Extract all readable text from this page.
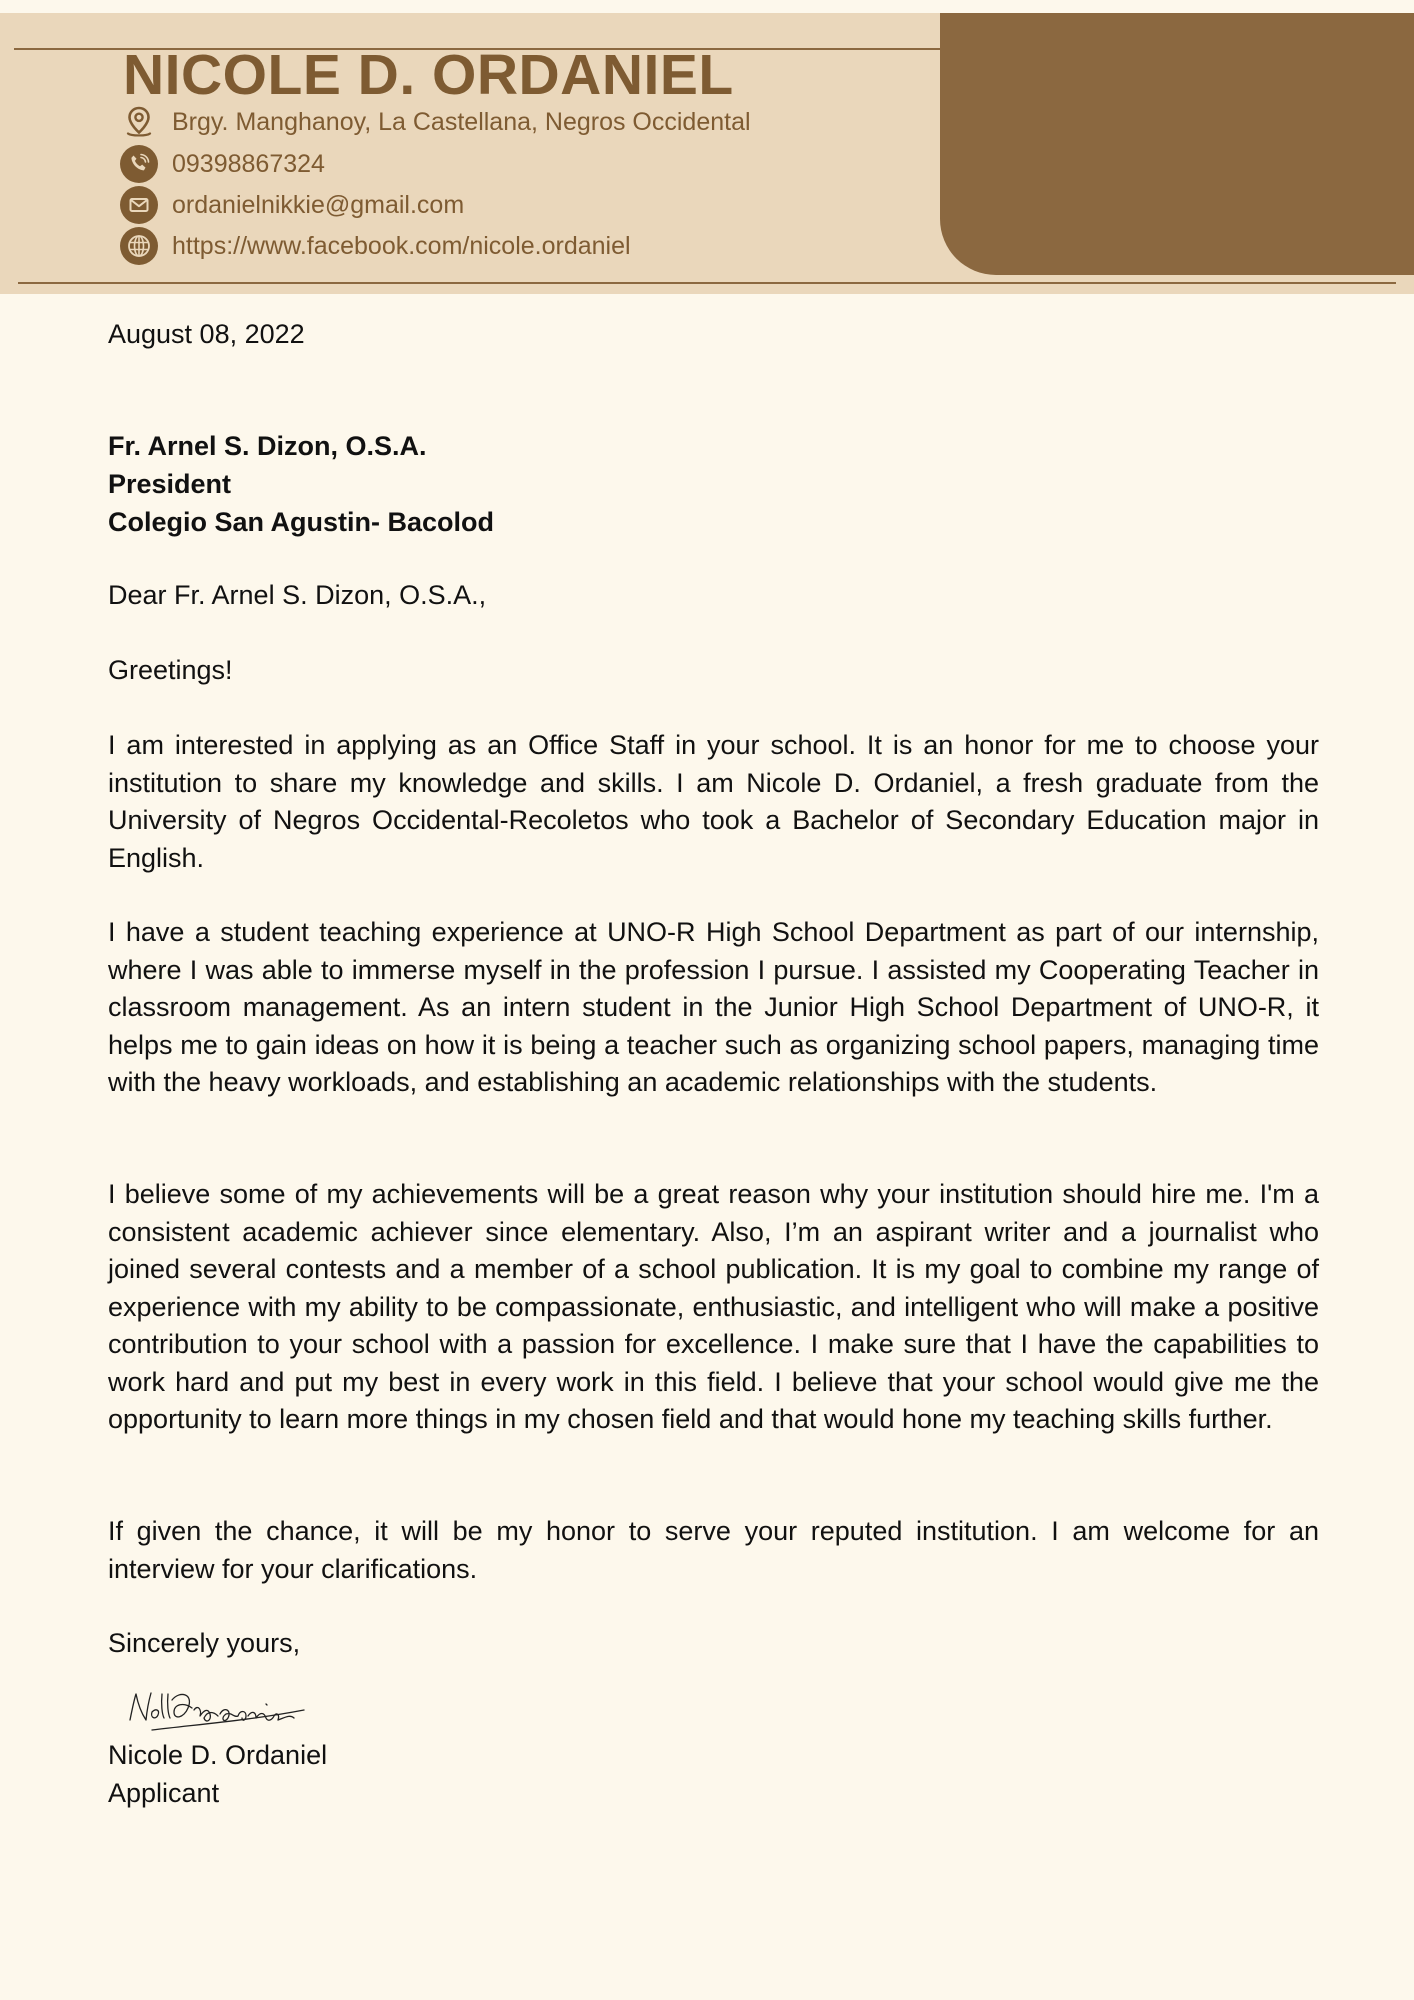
NICOLE D. ORDANIEL
Brgy. Manghanoy, La Castellana, Negros Occidental
09398867324
ordanielnikkie@gmail.com
https://www.facebook.com/nicole.ordaniel
August 08, 2022
Fr. Arnel S. Dizon, O.S.A.
President
Colegio San Agustin- Bacolod
Dear Fr. Arnel S. Dizon, O.S.A.,
Greetings!
I am interested in applying as an Office Staff in your school. It is an honor for me to choose your institution to share my knowledge and skills. I am Nicole D. Ordaniel, a fresh graduate from the University of Negros Occidental-Recoletos who took a Bachelor of Secondary Education major in English.
I have a student teaching experience at UNO-R High School Department as part of our internship, where I was able to immerse myself in the profession I pursue. I assisted my Cooperating Teacher in classroom management. As an intern student in the Junior High School Department of UNO-R, it helps me to gain ideas on how it is being a teacher such as organizing school papers, managing time with the heavy workloads, and establishing an academic relationships with the students.
I believe some of my achievements will be a great reason why your institution should hire me. I'm a consistent academic achiever since elementary. Also, I’m an aspirant writer and a journalist who joined several contests and a member of a school publication. It is my goal to combine my range of experience with my ability to be compassionate, enthusiastic, and intelligent who will make a positive contribution to your school with a passion for excellence. I make sure that I have the capabilities to work hard and put my best in every work in this field. I believe that your school would give me the opportunity to learn more things in my chosen field and that would hone my teaching skills further.
If given the chance, it will be my honor to serve your reputed institution. I am welcome for an interview for your clarifications.
Sincerely yours,
Nicole D. Ordaniel
Applicant
